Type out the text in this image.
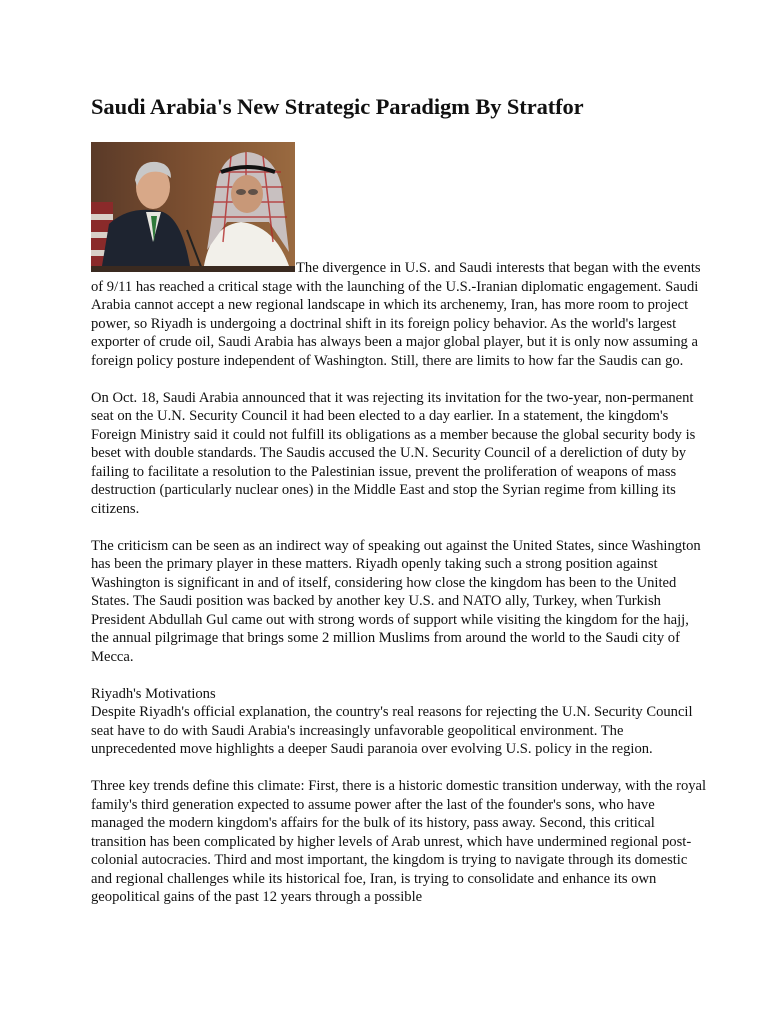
Saudi Arabia's New Strategic Paradigm By Stratfor

The divergence in U.S. and Saudi interests that began with the events of 9/11 has reached a critical stage with the launching of the U.S.-Iranian diplomatic engagement. Saudi Arabia cannot accept a new regional landscape in which its archenemy, Iran, has more room to project power, so Riyadh is undergoing a doctrinal shift in its foreign policy behavior. As the world's largest exporter of crude oil, Saudi Arabia has always been a major global player, but it is only now assuming a foreign policy posture independent of Washington. Still, there are limits to how far the Saudis can go.

On Oct. 18, Saudi Arabia announced that it was rejecting its invitation for the two-year, non-permanent seat on the U.N. Security Council it had been elected to a day earlier. In a statement, the kingdom's Foreign Ministry said it could not fulfill its obligations as a member because the global security body is beset with double standards. The Saudis accused the U.N. Security Council of a dereliction of duty by failing to facilitate a resolution to the Palestinian issue, prevent the proliferation of weapons of mass destruction (particularly nuclear ones) in the Middle East and stop the Syrian regime from killing its citizens.

The criticism can be seen as an indirect way of speaking out against the United States, since Washington has been the primary player in these matters. Riyadh openly taking such a strong position against Washington is significant in and of itself, considering how close the kingdom has been to the United States. The Saudi position was backed by another key U.S. and NATO ally, Turkey, when Turkish President Abdullah Gul came out with strong words of support while visiting the kingdom for the hajj, the annual pilgrimage that brings some 2 million Muslims from around the world to the Saudi city of Mecca.

Riyadh's Motivations
Despite Riyadh's official explanation, the country's real reasons for rejecting the U.N. Security Council seat have to do with Saudi Arabia's increasingly unfavorable geopolitical environment. The unprecedented move highlights a deeper Saudi paranoia over evolving U.S. policy in the region.

Three key trends define this climate: First, there is a historic domestic transition underway, with the royal family's third generation expected to assume power after the last of the founder's sons, who have managed the modern kingdom's affairs for the bulk of its history, pass away. Second, this critical transition has been complicated by higher levels of Arab unrest, which have undermined regional post-colonial autocracies. Third and most important, the kingdom is trying to navigate through its domestic and regional challenges while its historical foe, Iran, is trying to consolidate and enhance its own geopolitical gains of the past 12 years through a possible
